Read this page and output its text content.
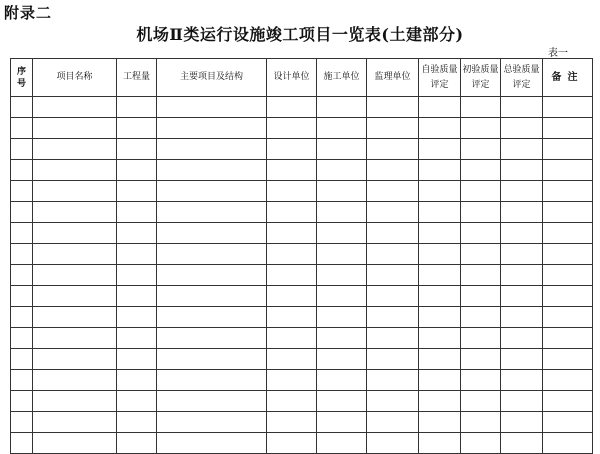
附录二
机场Ⅱ类运行设施竣工项目一览表(土建部分)
表一
序号	项目名称	工程量	主要项目及结构	设计单位	施工单位	监理单位	自验质量评定	初验质量评定	总验质量评定	备注
